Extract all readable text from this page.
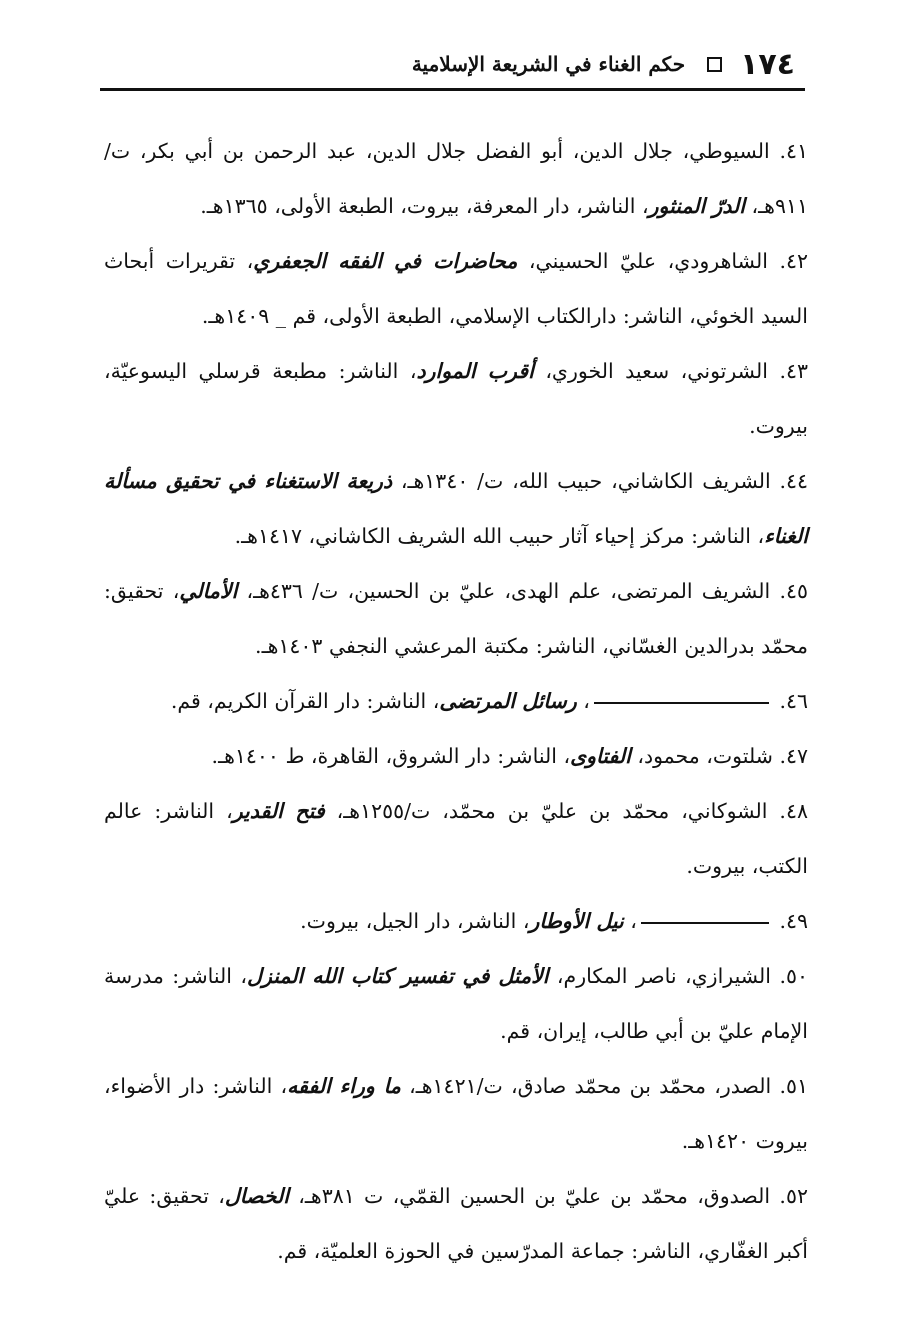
١٧٤
حكم الغناء في الشريعة الإسلامية
٤١. السيوطي، جلال الدين، أبو الفضل جلال الدين، عبد الرحمن بن أبي بكر، ت/٩١١هـ، الدرّ المنثور، الناشر، دار المعرفة، بيروت، الطبعة الأولى، ١٣٦٥هـ.
٤٢. الشاهرودي، عليّ الحسيني، محاضرات في الفقه الجعفري، تقريرات أبحاث السيد الخوئي، الناشر: دارالكتاب الإسلامي، الطبعة الأولى، قم _ ١٤٠٩هـ.
٤٣. الشرتوني، سعيد الخوري، أقرب الموارد، الناشر: مطبعة قرسلي اليسوعيّة، بيروت.
٤٤. الشريف الكاشاني، حبيب الله، ت/ ١٣٤٠هـ، ذريعة الاستغناء في تحقيق مسألة الغناء، الناشر: مركز إحياء آثار حبيب الله الشريف الكاشاني، ١٤١٧هـ.
٤٥. الشريف المرتضى، علم الهدى، عليّ بن الحسين، ت/ ٤٣٦هـ، الأمالي، تحقيق: محمّد بدرالدين الغسّاني، الناشر: مكتبة المرعشي النجفي ١٤٠٣هـ.
٤٦. ، رسائل المرتضى، الناشر: دار القرآن الكريم، قم.
٤٧. شلتوت، محمود، الفتاوى، الناشر: دار الشروق، القاهرة، ط ١٤٠٠هـ.
٤٨. الشوكاني، محمّد بن عليّ بن محمّد، ت/١٢٥٥هـ، فتح القدير، الناشر: عالم الكتب، بيروت.
٤٩. ، نيل الأوطار، الناشر، دار الجيل، بيروت.
٥٠. الشيرازي، ناصر المكارم، الأمثل في تفسير كتاب الله المنزل، الناشر: مدرسة الإمام عليّ بن أبي طالب، إيران، قم.
٥١. الصدر، محمّد بن محمّد صادق، ت/١٤٢١هـ، ما وراء الفقه، الناشر: دار الأضواء، بيروت ١٤٢٠هـ.
٥٢. الصدوق، محمّد بن عليّ بن الحسين القمّي، ت ٣٨١هـ، الخصال، تحقيق: عليّ أكبر الغفّاري، الناشر: جماعة المدرّسين في الحوزة العلميّة، قم.
